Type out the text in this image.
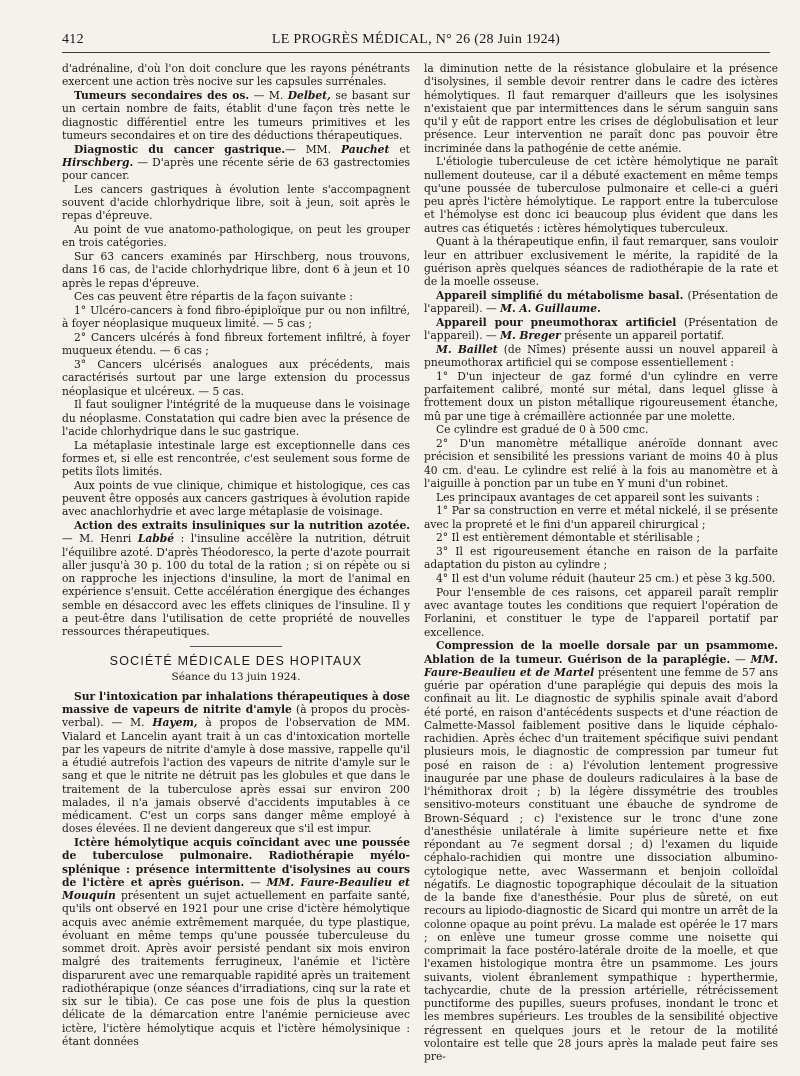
412	LE PROGRÈS MÉDICAL, N° 26 (28 Juin 1924)

d'adrénaline, d'où l'on doit conclure que les rayons pénétrants exercent une action très nocive sur les capsules surrénales.

Tumeurs secondaires des os. — M. Delbet, se basant sur un certain nombre de faits, établit d'une façon très nette le diagnostic différentiel entre les tumeurs primitives et les tumeurs secondaires et on tire des déductions thérapeutiques.

Diagnostic du cancer gastrique.— MM. Pauchet et Hirschberg. — D'après une récente série de 63 gastrectomies pour cancer.

Les cancers gastriques à évolution lente s'accompagnent souvent d'acide chlorhydrique libre, soit à jeun, soit après le repas d'épreuve.

Au point de vue anatomo-pathologique, on peut les grouper en trois catégories.

Sur 63 cancers examinés par Hirschberg, nous trouvons, dans 16 cas, de l'acide chlorhydrique libre, dont 6 à jeun et 10 après le repas d'épreuve.

Ces cas peuvent être répartis de la façon suivante :

1° Ulcéro-cancers à fond fibro-épiploïque pur ou non infiltré, à foyer néoplasique muqueux limité. — 5 cas ;

2° Cancers ulcérés à fond fibreux fortement infiltré, à foyer muqueux étendu. — 6 cas ;

3° Cancers ulcérisés analogues aux précédents, mais caractérisés surtout par une large extension du processus néoplasique et ulcéreux. — 5 cas.

Il faut souligner l'intégrité de la muqueuse dans le voisinage du néoplasme. Constatation qui cadre bien avec la présence de l'acide chlorhydrique dans le suc gastrique.

La métaplasie intestinale large est exceptionnelle dans ces formes et, si elle est rencontrée, c'est seulement sous forme de petits îlots limités.

Aux points de vue clinique, chimique et histologique, ces cas peuvent être opposés aux cancers gastriques à évolution rapide avec anachlorhydrie et avec large métaplasie de voisinage.

Action des extraits insuliniques sur la nutrition azotée. — M. Henri Labbé : l'insuline accélère la nutrition, détruit l'équilibre azoté. D'après Théodoresco, la perte d'azote pourrait aller jusqu'à 30 p. 100 du total de la ration ; si on répète ou si on rapproche les injections d'insuline, la mort de l'animal en expérience s'ensuit. Cette accélération énergique des échanges semble en désaccord avec les effets cliniques de l'insuline. Il y a peut-être dans l'utilisation de cette propriété de nouvelles ressources thérapeutiques.

SOCIÉTÉ MÉDICALE DES HOPITAUX
Séance du 13 juin 1924.

Sur l'intoxication par inhalations thérapeutiques à dose massive de vapeurs de nitrite d'amyle (à propos du procès-verbal). — M. Hayem, à propos de l'observation de MM. Vialard et Lancelin ayant trait à un cas d'intoxication mortelle par les vapeurs de nitrite d'amyle à dose massive, rappelle qu'il a étudié autrefois l'action des vapeurs de nitrite d'amyle sur le sang et que le nitrite ne détruit pas les globules et que dans le traitement de la tuberculose après essai sur environ 200 malades, il n'a jamais observé d'accidents imputables à ce médicament. C'est un corps sans danger même employé à doses élevées. Il ne devient dangereux que s'il est impur.

Ictère hémolytique acquis coïncidant avec une poussée de tuberculose pulmonaire. Radiothérapie myélo-splénique : présence intermittente d'isolysines au cours de l'ictère et après guérison. — MM. Faure-Beaulieu et Mouquin présentent un sujet actuellement en parfaite santé, qu'ils ont observé en 1921 pour une crise d'ictère hémolytique acquis avec anémie extrêmement marquée, du type plastique, évoluant en même temps qu'une poussée tuberculeuse du sommet droit. Après avoir persisté pendant six mois environ malgré des traitements ferrugineux, l'anémie et l'ictère disparurent avec une remarquable rapidité après un traitement radiothérapique (onze séances d'irradiations, cinq sur la rate et six sur le tibia). Ce cas pose une fois de plus la question délicate de la démarcation entre l'anémie pernicieuse avec ictère, l'ictère hémolytique acquis et l'ictère hémolysinique : étant données

la diminution nette de la résistance globulaire et la présence d'isolysines, il semble devoir rentrer dans le cadre des ictères hémolytiques. Il faut remarquer d'ailleurs que les isolysines n'existaient que par intermittences dans le sérum sanguin sans qu'il y eût de rapport entre les crises de déglobulisation et leur présence. Leur intervention ne paraît donc pas pouvoir être incriminée dans la pathogénie de cette anémie.

L'étiologie tuberculeuse de cet ictère hémolytique ne paraît nullement douteuse, car il a débuté exactement en même temps qu'une poussée de tuberculose pulmonaire et celle-ci a guéri peu après l'ictère hémolytique. Le rapport entre la tuberculose et l'hémolyse est donc ici beaucoup plus évident que dans les autres cas étiquetés : ictères hémolytiques tuberculeux.

Quant à la thérapeutique enfin, il faut remarquer, sans vouloir leur en attribuer exclusivement le mérite, la rapidité de la guérison après quelques séances de radiothérapie de la rate et de la moelle osseuse.

Appareil simplifié du métabolisme basal. (Présentation de l'appareil). — M. A. Guillaume.

Appareil pour pneumothorax artificiel (Présentation de l'appareil). — M. Breger présente un appareil portatif.

M. Baillet (de Nîmes) présente aussi un nouvel appareil à pneumothorax artificiel qui se compose essentiellement :

1° D'un injecteur de gaz formé d'un cylindre en verre parfaitement calibré, monté sur métal, dans lequel glisse à frottement doux un piston métallique rigoureusement étanche, mû par une tige à crémaillère actionnée par une molette.

Ce cylindre est gradué de 0 à 500 cmc.

2° D'un manomètre métallique anéroïde donnant avec précision et sensibilité les pressions variant de moins 40 à plus 40 cm. d'eau. Le cylindre est relié à la fois au manomètre et à l'aiguille à ponction par un tube en Y muni d'un robinet.

Les principaux avantages de cet appareil sont les suivants :

1° Par sa construction en verre et métal nickelé, il se présente avec la propreté et le fini d'un appareil chirurgical ;

2° Il est entièrement démontable et stérilisable ;

3° Il est rigoureusement étanche en raison de la parfaite adaptation du piston au cylindre ;

4° Il est d'un volume réduit (hauteur 25 cm.) et pèse 3 kg.500.

Pour l'ensemble de ces raisons, cet appareil paraît remplir avec avantage toutes les conditions que requiert l'opération de Forlanini, et constituer le type de l'appareil portatif par excellence.

Compression de la moelle dorsale par un psammome. Ablation de la tumeur. Guérison de la paraplégie. — MM. Faure-Beaulieu et de Martel présentent une femme de 57 ans guérie par opération d'une paraplégie qui depuis des mois la confinait au lit. Le diagnostic de syphilis spinale avait d'abord été porté, en raison d'antécédents suspects et d'une réaction de Calmette-Massol faiblement positive dans le liquide céphalo-rachidien. Après échec d'un traitement spécifique suivi pendant plusieurs mois, le diagnostic de compression par tumeur fut posé en raison de : a) l'évolution lentement progressive inaugurée par une phase de douleurs radiculaires à la base de l'hémithorax droit ; b) la légère dissymétrie des troubles sensitivo-moteurs constituant une ébauche de syndrome de Brown-Séquard ; c) l'existence sur le tronc d'une zone d'anesthésie unilatérale à limite supérieure nette et fixe répondant au 7e segment dorsal ; d) l'examen du liquide céphalo-rachidien qui montre une dissociation albumino-cytologique nette, avec Wassermann et benjoin colloïdal négatifs. Le diagnostic topographique découlait de la situation de la bande fixe d'anesthésie. Pour plus de sûreté, on eut recours au lipiodo-diagnostic de Sicard qui montre un arrêt de la colonne opaque au point prévu. La malade est opérée le 17 mars ; on enlève une tumeur grosse comme une noisette qui comprimait la face postéro-latérale droite de la moelle, et que l'examen histologique montra être un psammome. Les jours suivants, violent ébranlement sympathique : hyperthermie, tachycardie, chute de la pression artérielle, rétrécissement punctiforme des pupilles, sueurs profuses, inondant le tronc et les membres supérieurs. Les troubles de la sensibilité objective régressent en quelques jours et le retour de la motilité volontaire est telle que 28 jours après la malade peut faire ses pre-
